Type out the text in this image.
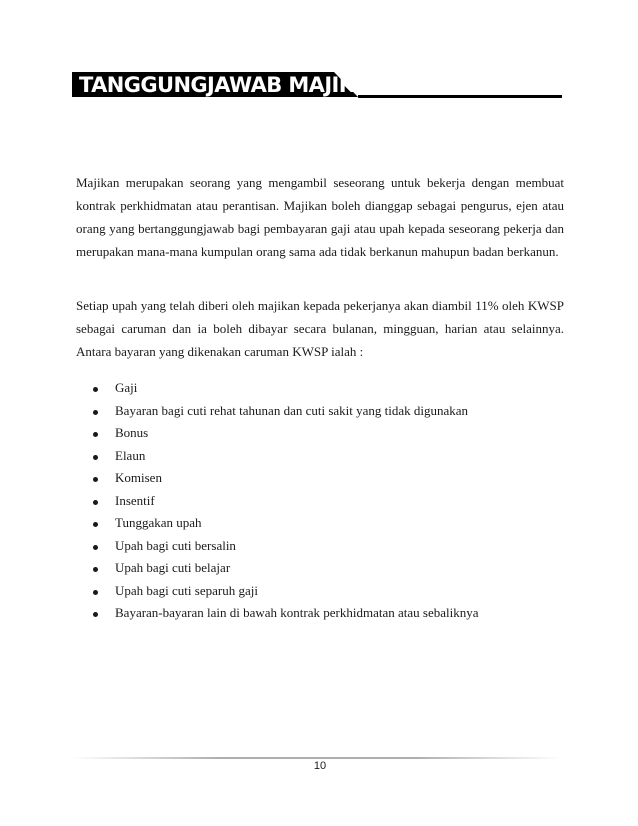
TANGGUNGJAWAB MAJIKAN

Majikan merupakan seorang yang mengambil seseorang untuk bekerja dengan membuat kontrak perkhidmatan atau perantisan. Majikan boleh dianggap sebagai pengurus, ejen atau orang yang bertanggungjawab bagi pembayaran gaji atau upah kepada seseorang pekerja dan merupakan mana-mana kumpulan orang sama ada tidak berkanun mahupun badan berkanun.

Setiap upah yang telah diberi oleh majikan kepada pekerjanya akan diambil 11% oleh KWSP sebagai caruman dan ia boleh dibayar secara bulanan, mingguan, harian atau selainnya. Antara bayaran yang dikenakan caruman KWSP ialah :

Gaji
Bayaran bagi cuti rehat tahunan dan cuti sakit yang tidak digunakan
Bonus
Elaun
Komisen
Insentif
Tunggakan upah
Upah bagi cuti bersalin
Upah bagi cuti belajar
Upah bagi cuti separuh gaji
Bayaran-bayaran lain di bawah kontrak perkhidmatan atau sebaliknya
10
